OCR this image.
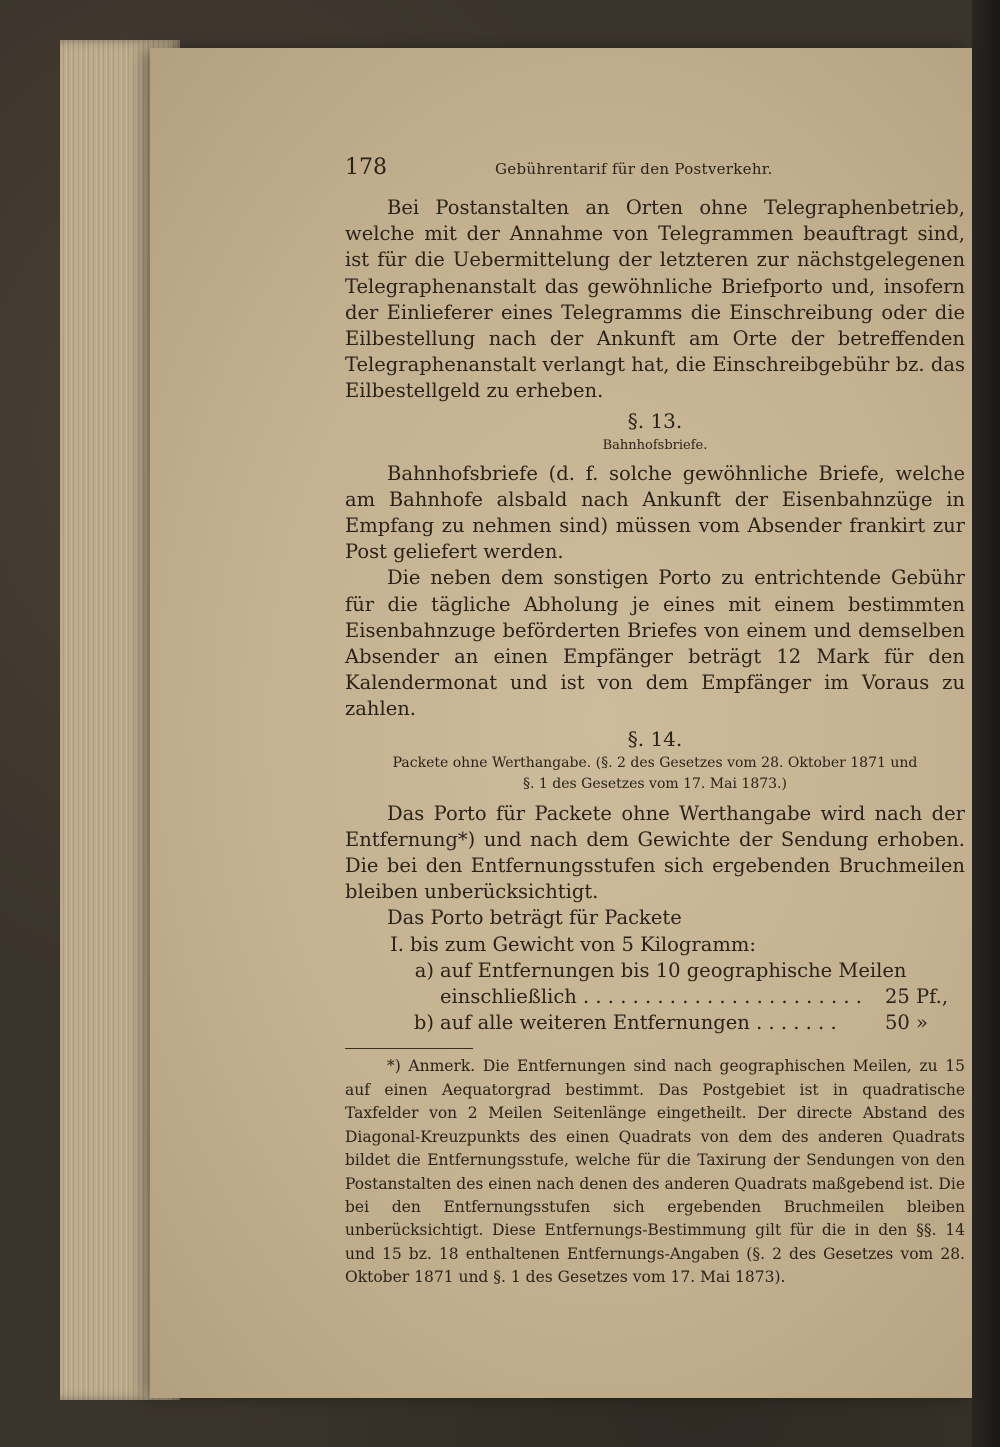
178	Gebührentarif für den Postverkehr.

Bei Postanstalten an Orten ohne Telegraphenbetrieb, welche mit der Annahme von Telegrammen beauftragt sind, ist für die Uebermittelung der letzteren zur nächstgelegenen Telegraphenanstalt das gewöhnliche Briefporto und, insofern der Einlieferer eines Telegramms die Einschreibung oder die Eilbestellung nach der Ankunft am Orte der betreffenden Telegraphenanstalt verlangt hat, die Einschreibgebühr bz. das Eilbestellgeld zu erheben.

§. 13.
Bahnhofsbriefe.

Bahnhofsbriefe (d. f. solche gewöhnliche Briefe, welche am Bahnhofe alsbald nach Ankunft der Eisenbahnzüge in Empfang zu nehmen sind) müssen vom Absender frankirt zur Post geliefert werden.

Die neben dem sonstigen Porto zu entrichtende Gebühr für die tägliche Abholung je eines mit einem bestimmten Eisenbahnzuge beförderten Briefes von einem und demselben Absender an einen Empfänger beträgt 12 Mark für den Kalendermonat und ist von dem Empfänger im Voraus zu zahlen.

§. 14.
Packete ohne Werthangabe. (§. 2 des Gesetzes vom 28. Oktober 1871 und
§. 1 des Gesetzes vom 17. Mai 1873.)

Das Porto für Packete ohne Werthangabe wird nach der Entfernung*) und nach dem Gewichte der Sendung erhoben. Die bei den Entfernungsstufen sich ergebenden Bruchmeilen bleiben unberücksichtigt.

Das Porto beträgt für Packete

I. bis zum Gewicht von 5 Kilogramm:
a) auf Entfernungen bis 10 geographische Meilen
einschließlich . . . . . . . . . . . . . . . . . . . . . . .	25 Pf.,
b) auf alle weiteren Entfernungen . . . . . . .	50 »

*) Anmerk. Die Entfernungen sind nach geographischen Meilen, zu 15 auf einen Aequatorgrad bestimmt. Das Postgebiet ist in quadratische Taxfelder von 2 Meilen Seitenlänge eingetheilt. Der directe Abstand des Diagonal-Kreuzpunkts des einen Quadrats von dem des anderen Quadrats bildet die Entfernungsstufe, welche für die Taxirung der Sendungen von den Postanstalten des einen nach denen des anderen Quadrats maßgebend ist. Die bei den Entfernungsstufen sich ergebenden Bruchmeilen bleiben unberücksichtigt. Diese Entfernungs-Bestimmung gilt für die in den §§. 14 und 15 bz. 18 enthaltenen Entfernungs-Angaben (§. 2 des Gesetzes vom 28. Oktober 1871 und §. 1 des Gesetzes vom 17. Mai 1873).
